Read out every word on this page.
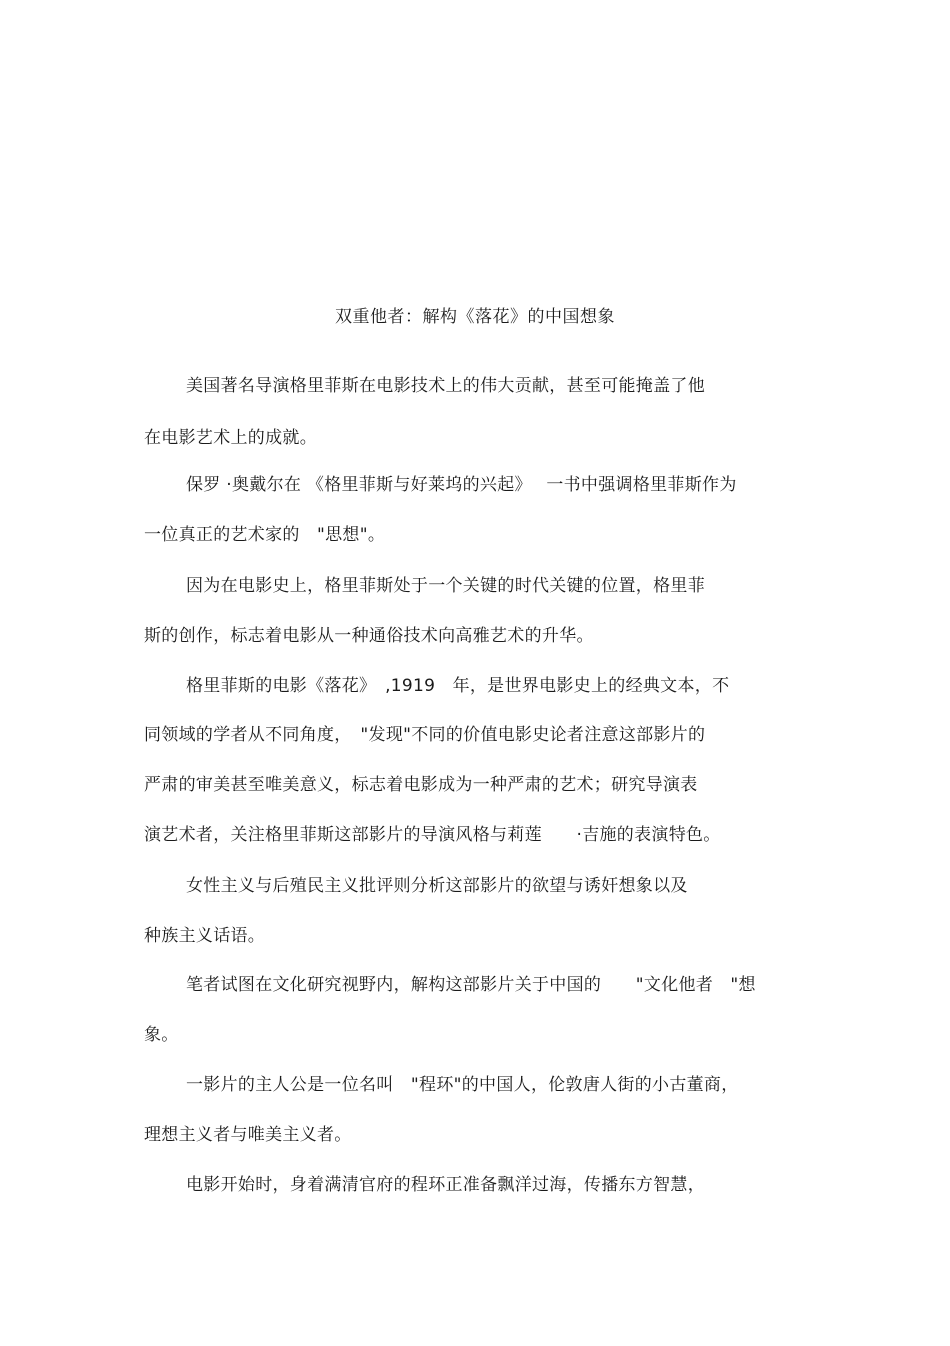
双重他者：解构《落花》的中国想象
美国著名导演格里菲斯在电影技术上的伟大贡献，甚至可能掩盖了他
在电影艺术上的成就。
保罗 ·奥戴尔在 《格里菲斯与好莱坞的兴起》　 一书中强调格里菲斯作为
一位真正的艺术家的　"思想"。
因为在电影史上，格里菲斯处于一个关键的时代关键的位置，格里菲
斯的创作，标志着电影从一种通俗技术向高雅艺术的升华。
格里菲斯的电影《落花》　,1919　年，是世界电影史上的经典文本，不
同领域的学者从不同角度，　"发现"不同的价值电影史论者注意这部影片的
严肃的审美甚至唯美意义，标志着电影成为一种严肃的艺术；研究导演表
演艺术者，关注格里菲斯这部影片的导演风格与莉莲　　·吉施的表演特色。
女性主义与后殖民主义批评则分析这部影片的欲望与诱奸想象以及
种族主义话语。
笔者试图在文化研究视野内，解构这部影片关于中国的　　"文化他者　"想
象。
一影片的主人公是一位名叫　"程环"的中国人，伦敦唐人街的小古董商，
理想主义者与唯美主义者。
电影开始时，身着满清官府的程环正准备飘洋过海，传播东方智慧，
